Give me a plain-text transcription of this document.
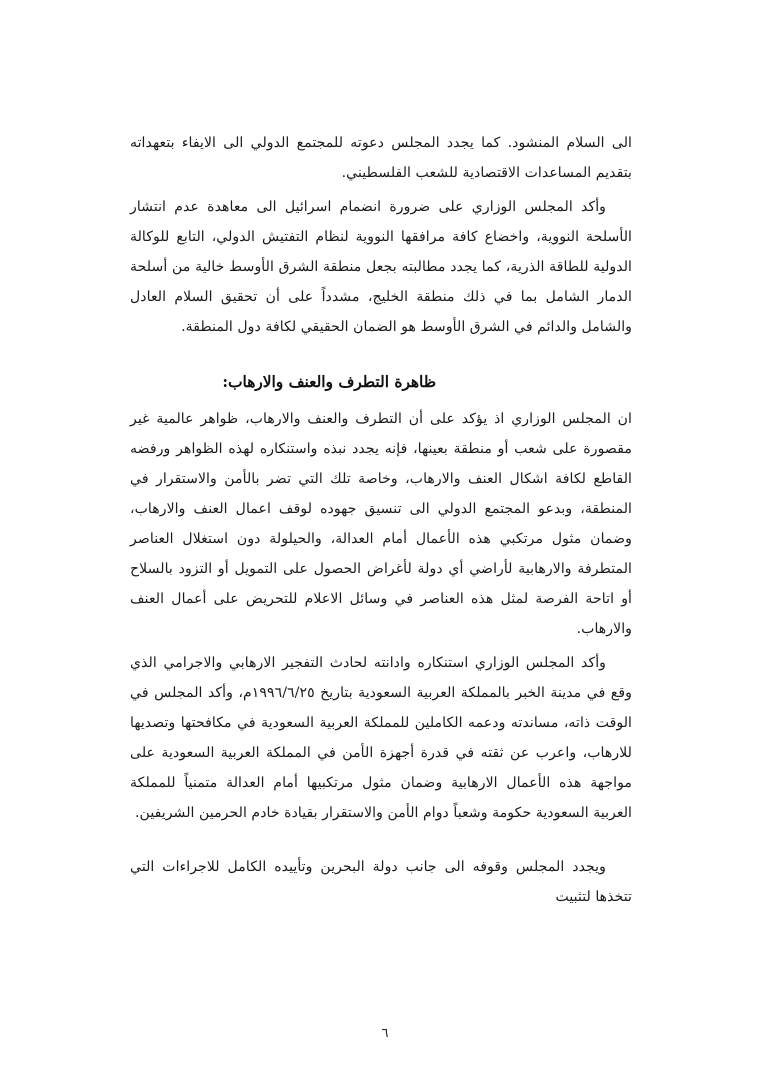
الى السلام المنشود. كما يجدد المجلس دعوته للمجتمع الدولي الى الايفاء بتعهداته بتقديم المساعدات الاقتصادية للشعب الفلسطيني.

وأكد المجلس الوزاري على ضرورة انضمام اسرائيل الى معاهدة عدم انتشار الأسلحة النووية، واخضاع كافة مرافقها النووية لنظام التفتيش الدولي، التابع للوكالة الدولية للطاقة الذرية، كما يجدد مطالبته بجعل منطقة الشرق الأوسط خالية من أسلحة الدمار الشامل بما في ذلك منطقة الخليج، مشدداً على أن تحقيق السلام العادل والشامل والدائم في الشرق الأوسط هو الضمان الحقيقي لكافة دول المنطقة.

ظاهرة التطرف والعنف والارهاب:

ان المجلس الوزاري اذ يؤكد على أن التطرف والعنف والارهاب، ظواهر عالمية غير مقصورة على شعب أو منطقة بعينها، فإنه يجدد نبذه واستنكاره لهذه الظواهر ورفضه القاطع لكافة اشكال العنف والارهاب، وخاصة تلك التي تضر بالأمن والاستقرار في المنطقة، وبدعو المجتمع الدولي الى تنسيق جهوده لوقف اعمال العنف والارهاب، وضمان مثول مرتكبي هذه الأعمال أمام العدالة، والحيلولة دون استغلال العناصر المتطرفة والارهابية لأراضي أي دولة لأغراض الحصول على التمويل أو التزود بالسلاح أو اتاحة الفرصة لمثل هذه العناصر في وسائل الاعلام للتحريض على أعمال العنف والارهاب.

وأكد المجلس الوزاري استنكاره وادانته لحادث التفجير الارهابي والاجرامي الذي وقع في مدينة الخبر بالمملكة العربية السعودية بتاريخ ١٩٩٦/٦/٢٥م، وأكد المجلس في الوقت ذاته، مساندته ودعمه الكاملين للمملكة العربية السعودية في مكافحتها وتصديها للارهاب، واعرب عن ثقته في قدرة أجهزة الأمن في المملكة العربية السعودية على مواجهة هذه الأعمال الارهابية وضمان مثول مرتكبيها أمام العدالة متمنياً للمملكة العربية السعودية حكومة وشعباً دوام الأمن والاستقرار بقيادة خادم الحرمين الشريفين.

ويجدد المجلس وقوفه الى جانب دولة البحرين وتأييده الكامل للاجراءات التي تتخذها لتثبيت

٦
